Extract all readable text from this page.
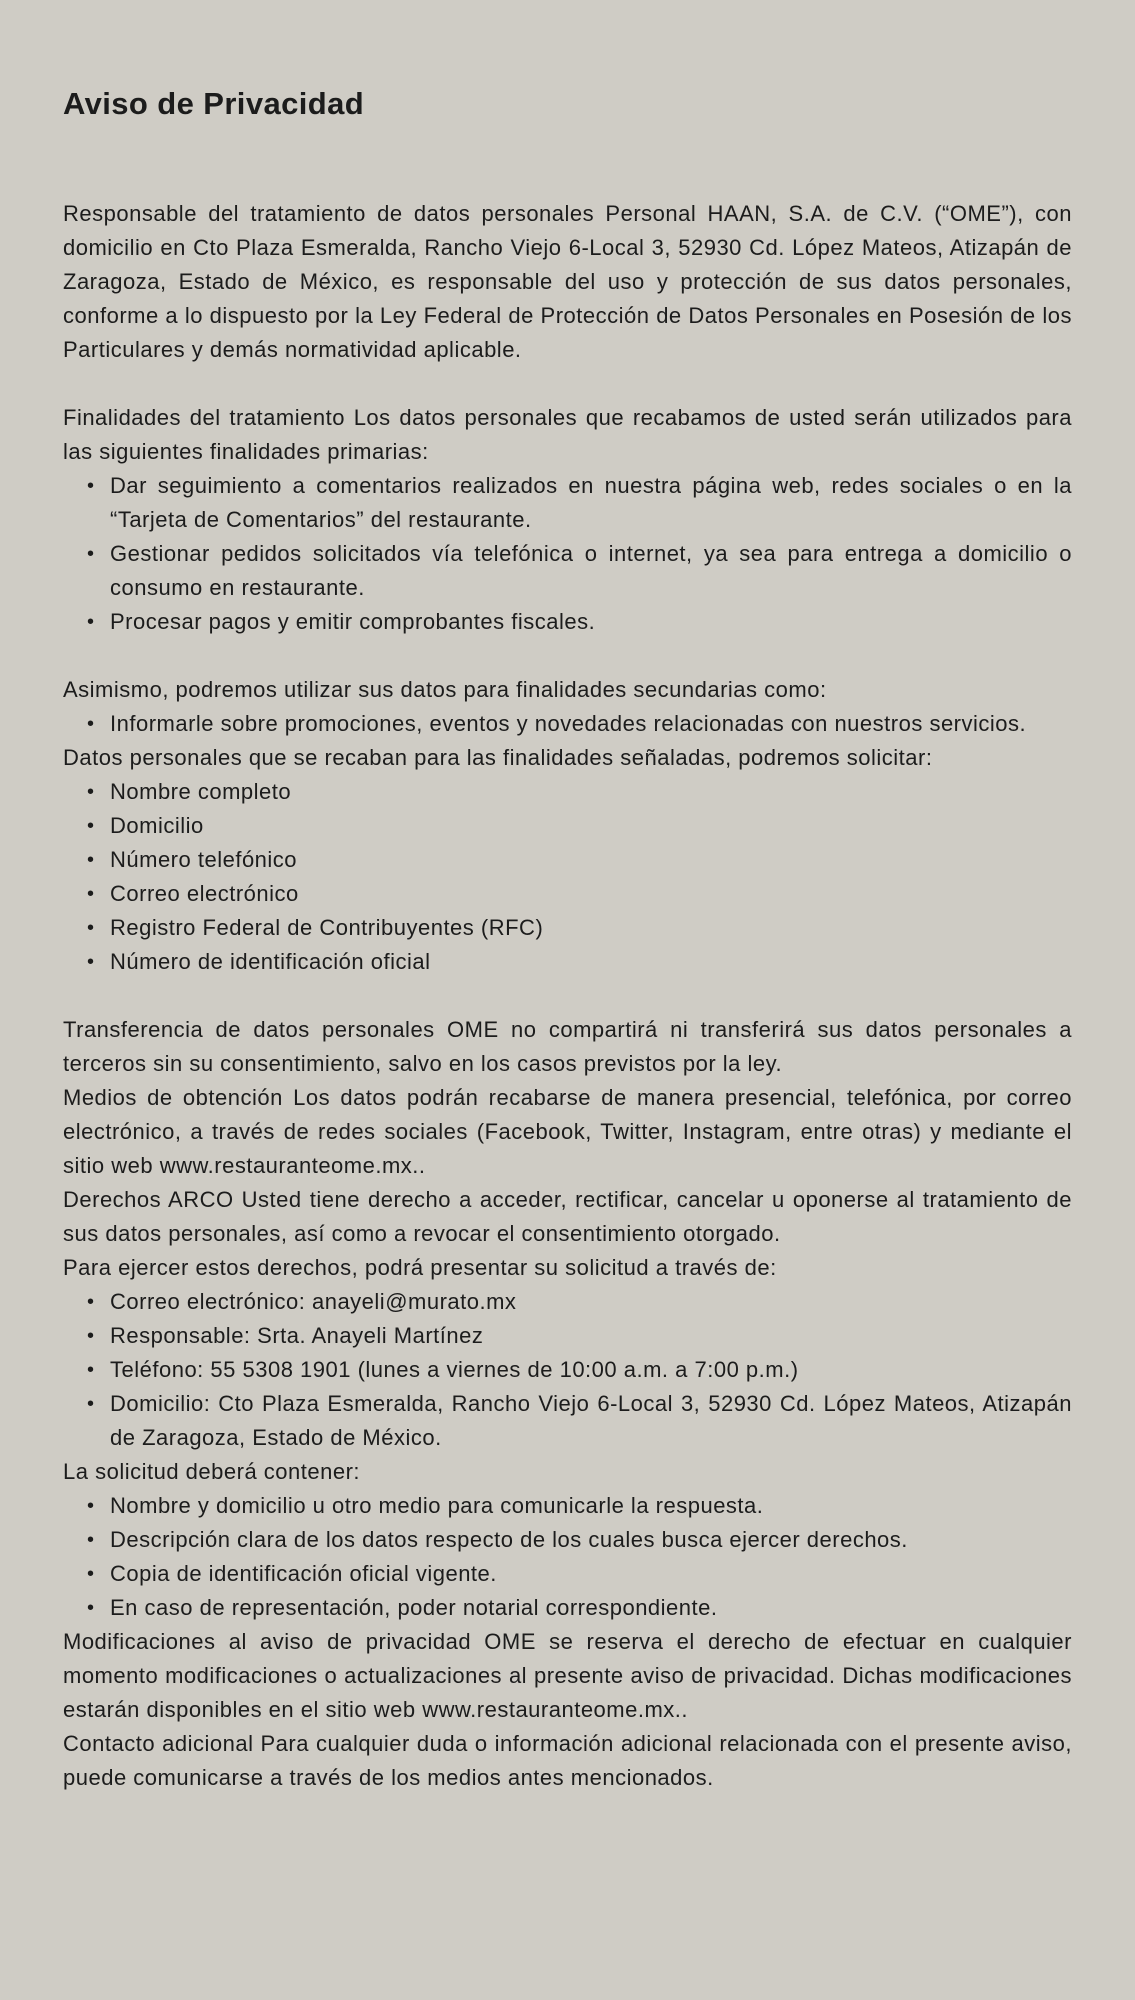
Aviso de Privacidad

Responsable del tratamiento de datos personales Personal HAAN, S.A. de C.V. (“OME”), con domicilio en Cto Plaza Esmeralda, Rancho Viejo 6-Local 3, 52930 Cd. López Mateos, Atizapán de Zaragoza, Estado de México, es responsable del uso y protección de sus datos personales, conforme a lo dispuesto por la Ley Federal de Protección de Datos Personales en Posesión de los Particulares y demás normatividad aplicable.

Finalidades del tratamiento Los datos personales que recabamos de usted serán utilizados para las siguientes finalidades primarias:

• Dar seguimiento a comentarios realizados en nuestra página web, redes sociales o en la “Tarjeta de Comentarios” del restaurante.
• Gestionar pedidos solicitados vía telefónica o internet, ya sea para entrega a domicilio o consumo en restaurante.
• Procesar pagos y emitir comprobantes fiscales.

Asimismo, podremos utilizar sus datos para finalidades secundarias como:

• Informarle sobre promociones, eventos y novedades relacionadas con nuestros servicios.

Datos personales que se recaban para las finalidades señaladas, podremos solicitar:

• Nombre completo
• Domicilio
• Número telefónico
• Correo electrónico
• Registro Federal de Contribuyentes (RFC)
• Número de identificación oficial

Transferencia de datos personales OME no compartirá ni transferirá sus datos personales a terceros sin su consentimiento, salvo en los casos previstos por la ley.

Medios de obtención Los datos podrán recabarse de manera presencial, telefónica, por correo electrónico, a través de redes sociales (Facebook, Twitter, Instagram, entre otras) y mediante el sitio web www.restauranteome.mx..

Derechos ARCO Usted tiene derecho a acceder, rectificar, cancelar u oponerse al tratamiento de sus datos personales, así como a revocar el consentimiento otorgado.

Para ejercer estos derechos, podrá presentar su solicitud a través de:

• Correo electrónico: anayeli@murato.mx
• Responsable: Srta. Anayeli Martínez
• Teléfono: 55 5308 1901 (lunes a viernes de 10:00 a.m. a 7:00 p.m.)
• Domicilio: Cto Plaza Esmeralda, Rancho Viejo 6-Local 3, 52930 Cd. López Mateos, Atizapán de Zaragoza, Estado de México.

La solicitud deberá contener:

• Nombre y domicilio u otro medio para comunicarle la respuesta.
• Descripción clara de los datos respecto de los cuales busca ejercer derechos.
• Copia de identificación oficial vigente.
• En caso de representación, poder notarial correspondiente.

Modificaciones al aviso de privacidad OME se reserva el derecho de efectuar en cualquier momento modificaciones o actualizaciones al presente aviso de privacidad. Dichas modificaciones estarán disponibles en el sitio web www.restauranteome.mx..

Contacto adicional Para cualquier duda o información adicional relacionada con el presente aviso, puede comunicarse a través de los medios antes mencionados.
